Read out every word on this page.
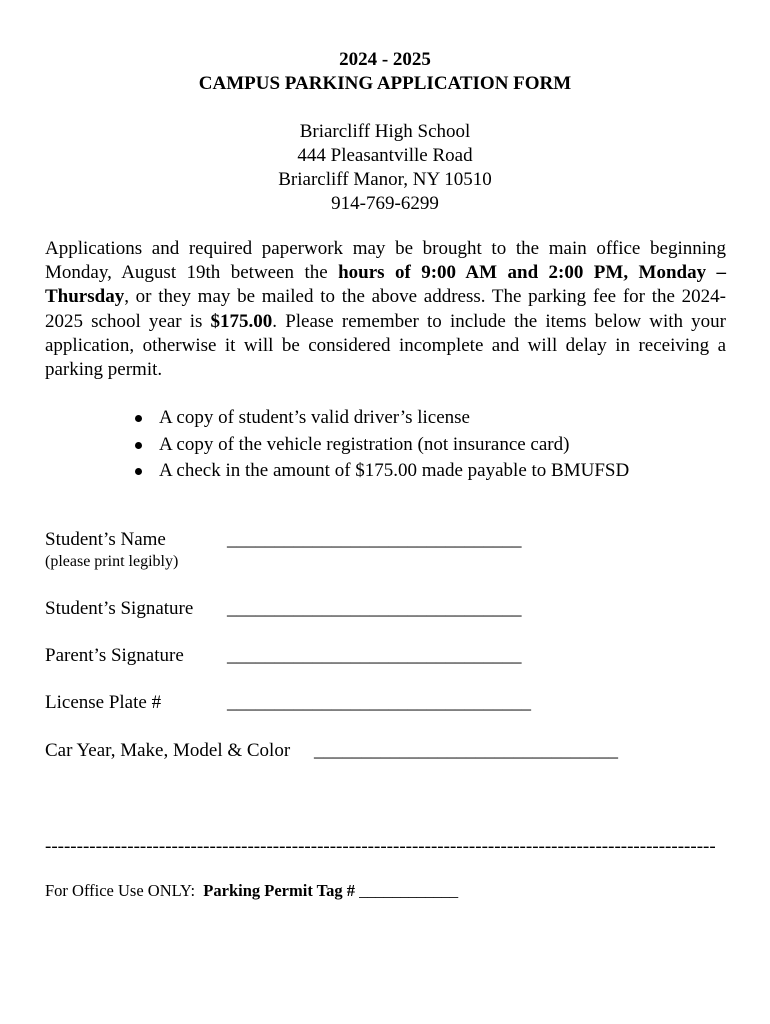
2024 - 2025
CAMPUS PARKING APPLICATION FORM
Briarcliff High School
444 Pleasantville Road
Briarcliff Manor, NY 10510
914-769-6299

Applications and required paperwork may be brought to the main office beginning Monday, August 19th between the hours of 9:00 AM and 2:00 PM, Monday – Thursday, or they may be mailed to the above address. The parking fee for the 2024-2025 school year is $175.00. Please remember to include the items below with your application, otherwise it will be considered incomplete and will delay in receiving a parking permit.

A copy of student’s valid driver’s license
A copy of the vehicle registration (not insurance card)
A check in the amount of $175.00 made payable to BMUFSD
Student’s Name
(please print legibly)
_______________________________
Student’s Signature _______________________________
Parent’s Signature _______________________________
License Plate #	________________________________
Car Year, Make, Model & Color ________________________________
----------------------------------------------------------------------------------------------------------
For Office Use ONLY: Parking Permit Tag # ____________
